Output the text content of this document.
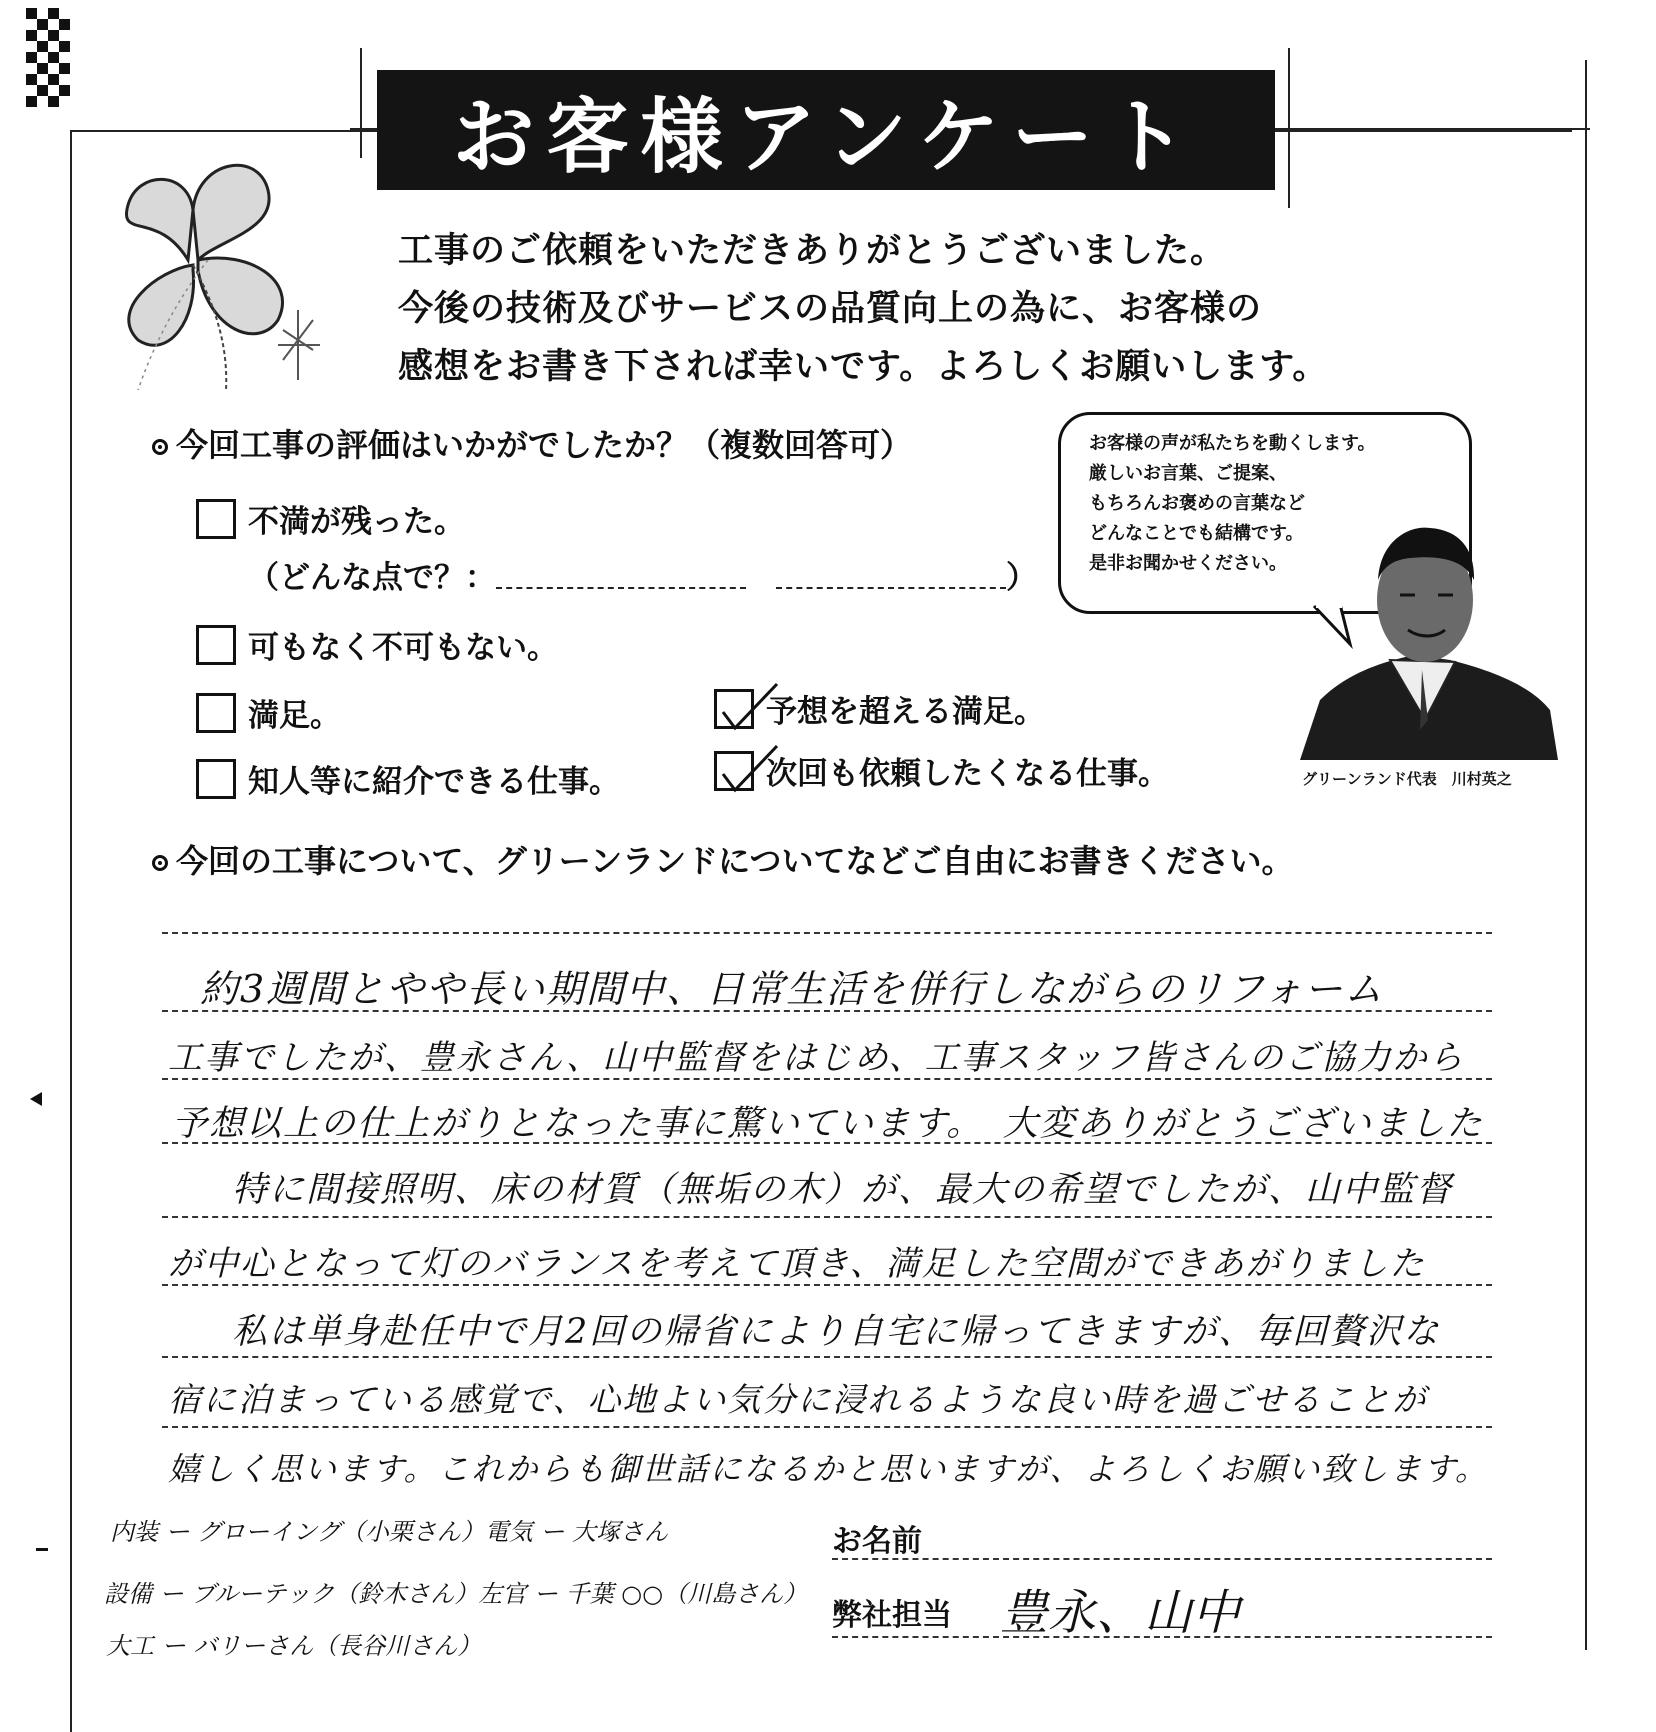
お客様アンケート
工事のご依頼をいただきありがとうございました。
今後の技術及びサービスの品質向上の為に、お客様の
感想をお書き下されば幸いです。よろしくお願いします。
今回工事の評価はいかがでしたか？（複数回答可）
不満が残った。
（どんな点で？：	）
可もなく不可もない。
満足。	予想を超える満足。
知人等に紹介できる仕事。	次回も依頼したくなる仕事。
お客様の声が私たちを動くします。
厳しいお言葉、ご提案、
もちろんお褒めの言葉など
どんなことでも結構です。
是非お聞かせください。
グリーンランド代表　川村英之
今回の工事について、グリーンランドについてなどご自由にお書きください。
約3週間とやや長い期間中、日常生活を併行しながらのリフォーム
工事でしたが、豊永さん、山中監督をはじめ、工事スタッフ皆さんのご協力から
予想以上の仕上がりとなった事に驚いています。　大変ありがとうございました
特に間接照明、床の材質（無垢の木）が、最大の希望でしたが、山中監督
が中心となって灯のバランスを考えて頂き、満足した空間ができあがりました
私は単身赴任中で月2回の帰省により自宅に帰ってきますが、毎回贅沢な
宿に泊まっている感覚で、心地よい気分に浸れるような良い時を過ごせることが
嬉しく思います。これからも御世話になるかと思いますが、よろしくお願い致します。
内装 ー グローイング（小栗さん）電気 ー 大塚さん
設備 ー ブルーテック（鈴木さん）左官 ー 千葉 ○○（川島さん）
大工 ー バリーさん（長谷川さん）
お名前
弊社担当 豊永、山中
